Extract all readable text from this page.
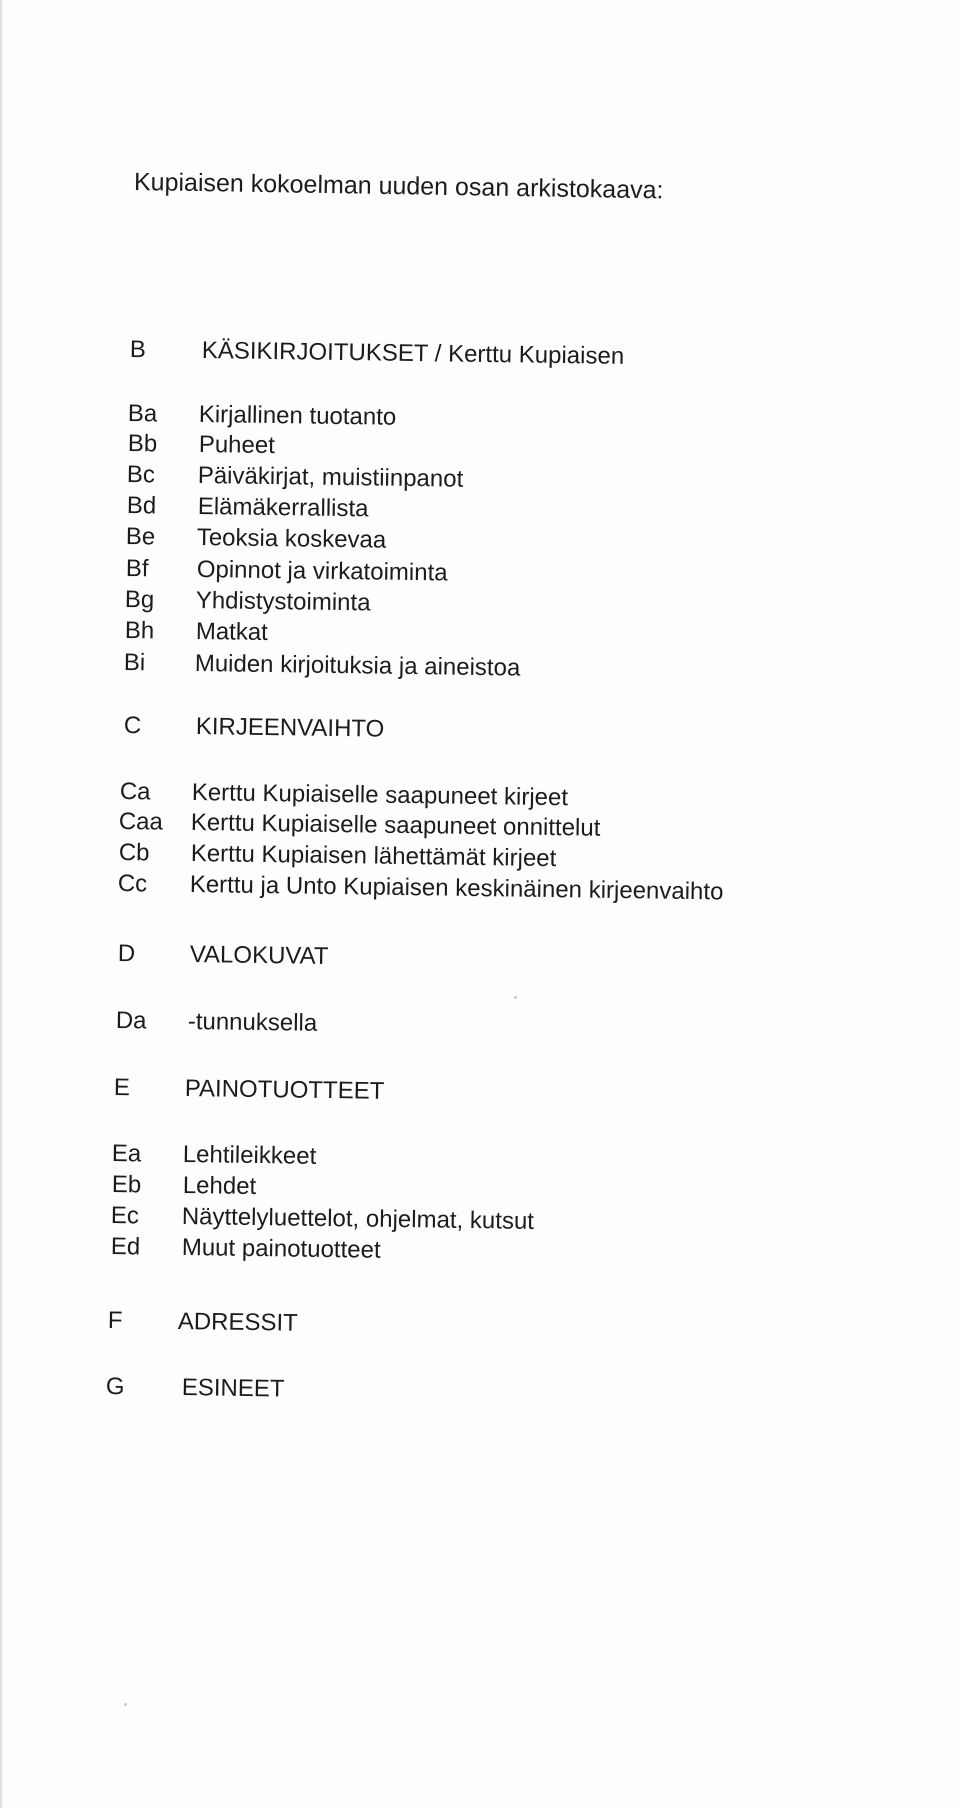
Kupiaisen kokoelman uuden osan arkistokaava:
B KÄSIKIRJOITUKSET / Kerttu Kupiaisen
Ba Kirjallinen tuotanto
Bb Puheet
Bc Päiväkirjat, muistiinpanot
Bd Elämäkerrallista
Be Teoksia koskevaa
Bf Opinnot ja virkatoiminta
Bg Yhdistystoiminta
Bh Matkat
Bi Muiden kirjoituksia ja aineistoa
C KIRJEENVAIHTO
Ca Kerttu Kupiaiselle saapuneet kirjeet
Caa Kerttu Kupiaiselle saapuneet onnittelut
Cb Kerttu Kupiaisen lähettämät kirjeet
Cc Kerttu ja Unto Kupiaisen keskinäinen kirjeenvaihto
D VALOKUVAT
Da -tunnuksella
E PAINOTUOTTEET
Ea Lehtileikkeet
Eb Lehdet
Ec Näyttelyluettelot, ohjelmat, kutsut
Ed Muut painotuotteet
F ADRESSIT
G ESINEET
